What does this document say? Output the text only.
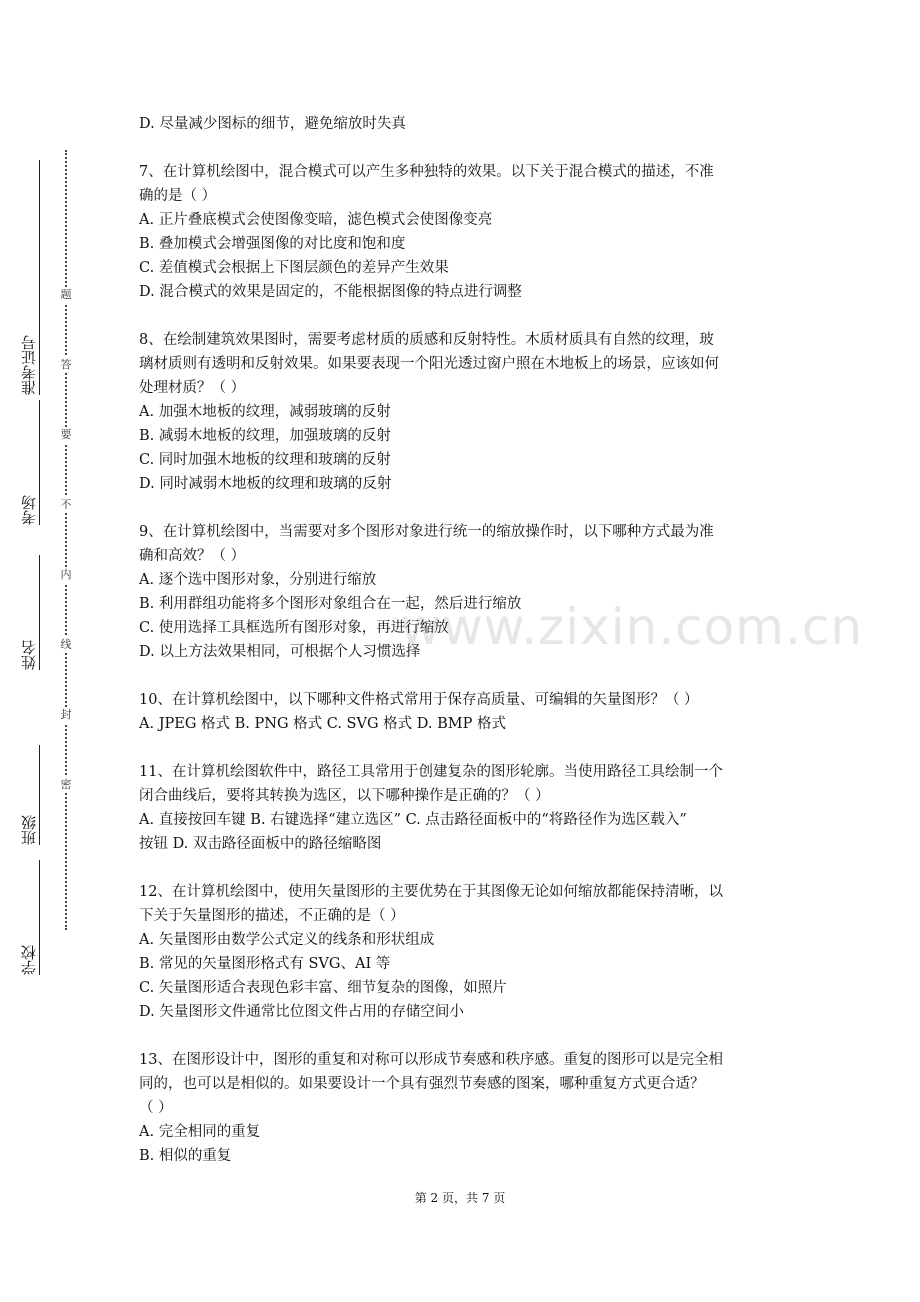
学校
班级
姓名
考场
准考证号
题
答
要
不
内
线
封
密
www.zixin.com.cn
D. 尽量减少图标的细节，避免缩放时失真
7、在计算机绘图中，混合模式可以产生多种独特的效果。以下关于混合模式的描述，不准
确的是（ ）
A. 正片叠底模式会使图像变暗，滤色模式会使图像变亮
B. 叠加模式会增强图像的对比度和饱和度
C. 差值模式会根据上下图层颜色的差异产生效果
D. 混合模式的效果是固定的，不能根据图像的特点进行调整
8、在绘制建筑效果图时，需要考虑材质的质感和反射特性。木质材质具有自然的纹理，玻
璃材质则有透明和反射效果。如果要表现一个阳光透过窗户照在木地板上的场景，应该如何
处理材质？（ ）
A. 加强木地板的纹理，减弱玻璃的反射
B. 减弱木地板的纹理，加强玻璃的反射
C. 同时加强木地板的纹理和玻璃的反射
D. 同时减弱木地板的纹理和玻璃的反射
9、在计算机绘图中，当需要对多个图形对象进行统一的缩放操作时，以下哪种方式最为准
确和高效？（ ）
A. 逐个选中图形对象，分别进行缩放
B. 利用群组功能将多个图形对象组合在一起，然后进行缩放
C. 使用选择工具框选所有图形对象，再进行缩放
D. 以上方法效果相同，可根据个人习惯选择
10、在计算机绘图中，以下哪种文件格式常用于保存高质量、可编辑的矢量图形？（ ）
A. JPEG 格式 B. PNG 格式 C. SVG 格式 D. BMP 格式
11、在计算机绘图软件中，路径工具常用于创建复杂的图形轮廓。当使用路径工具绘制一个
闭合曲线后，要将其转换为选区，以下哪种操作是正确的？（ ）
A. 直接按回车键 B. 右键选择“建立选区” C. 点击路径面板中的“将路径作为选区载入”
按钮 D. 双击路径面板中的路径缩略图
12、在计算机绘图中，使用矢量图形的主要优势在于其图像无论如何缩放都能保持清晰，以
下关于矢量图形的描述，不正确的是（ ）
A. 矢量图形由数学公式定义的线条和形状组成
B. 常见的矢量图形格式有 SVG、AI 等
C. 矢量图形适合表现色彩丰富、细节复杂的图像，如照片
D. 矢量图形文件通常比位图文件占用的存储空间小
13、在图形设计中，图形的重复和对称可以形成节奏感和秩序感。重复的图形可以是完全相
同的，也可以是相似的。如果要设计一个具有强烈节奏感的图案，哪种重复方式更合适？
（ ）
A. 完全相同的重复
B. 相似的重复
第 2 页，共 7 页
